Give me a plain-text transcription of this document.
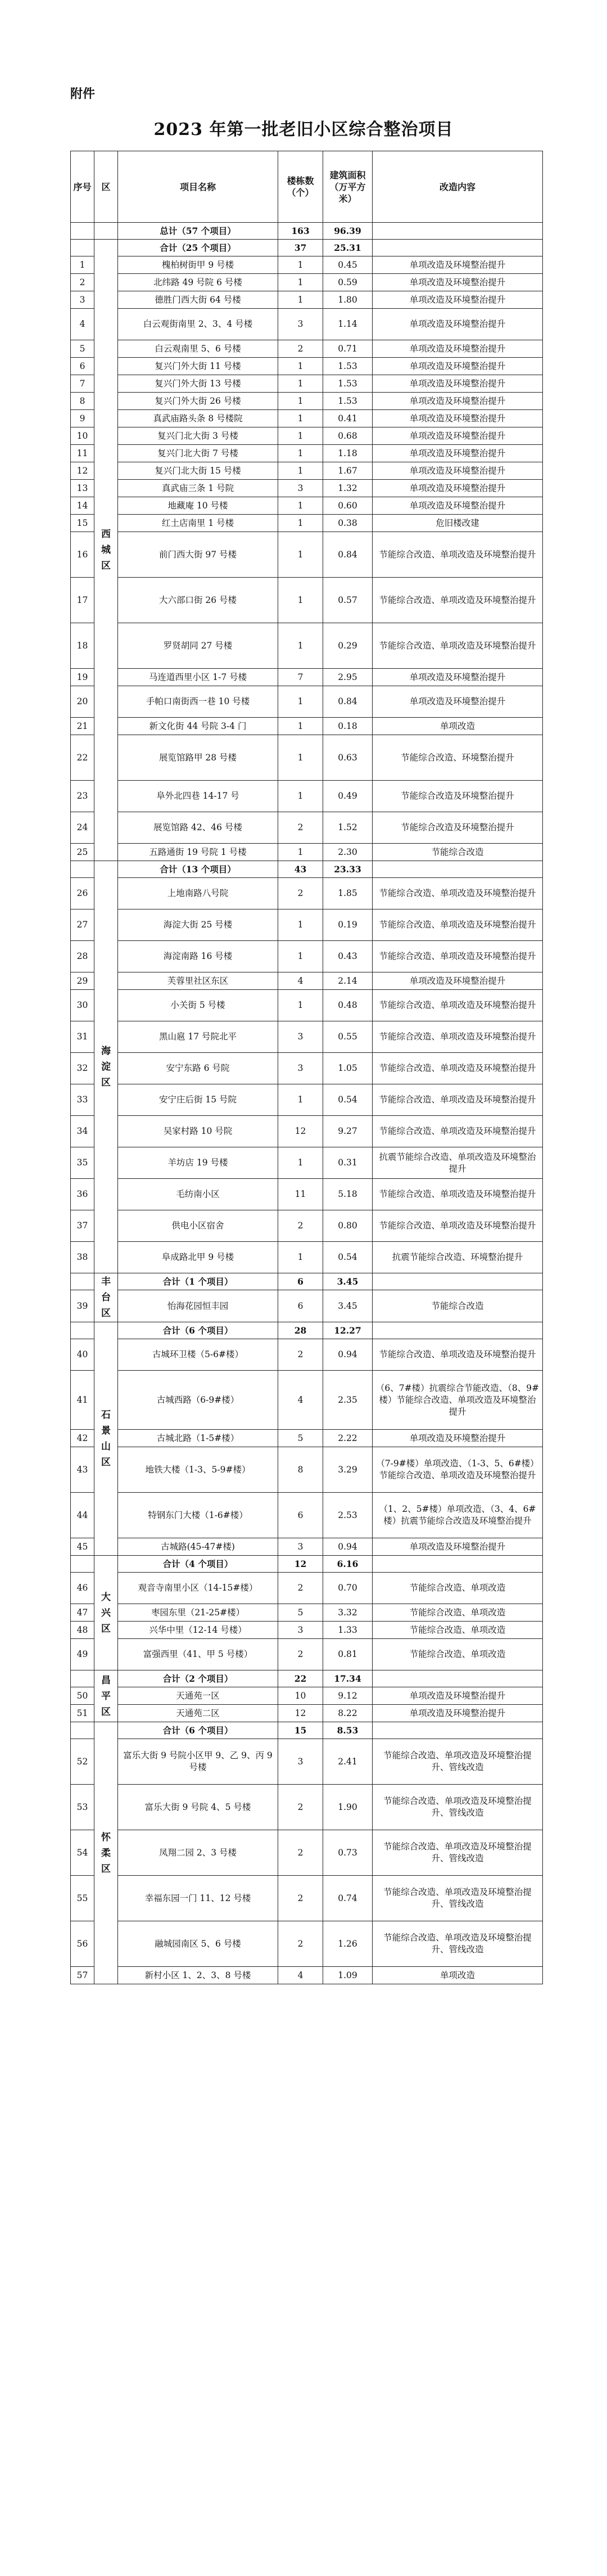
附件
2023 年第一批老旧小区综合整治项目
序号	区	项目名称	楼栋数（个）	建筑面积（万平方米）	改造内容
		总计（57 个项目）	163	96.39	
	西城区	合计（25 个项目）	37	25.31	
1		槐柏树街甲 9 号楼	1	0.45	单项改造及环境整治提升
2		北纬路 49 号院 6 号楼	1	0.59	单项改造及环境整治提升
3		德胜门西大街 64 号楼	1	1.80	单项改造及环境整治提升
4		白云观街南里 2、3、4 号楼	3	1.14	单项改造及环境整治提升
5		白云观南里 5、6 号楼	2	0.71	单项改造及环境整治提升
6		复兴门外大街 11 号楼	1	1.53	单项改造及环境整治提升
7		复兴门外大街 13 号楼	1	1.53	单项改造及环境整治提升
8		复兴门外大街 26 号楼	1	1.53	单项改造及环境整治提升
9		真武庙路头条 8 号楼院	1	0.41	单项改造及环境整治提升
10		复兴门北大街 3 号楼	1	0.68	单项改造及环境整治提升
11		复兴门北大街 7 号楼	1	1.18	单项改造及环境整治提升
12		复兴门北大街 15 号楼	1	1.67	单项改造及环境整治提升
13		真武庙三条 1 号院	3	1.32	单项改造及环境整治提升
14		地藏庵 10 号楼	1	0.60	单项改造及环境整治提升
15		红土店南里 1 号楼	1	0.38	危旧楼改建
16		前门西大街 97 号楼	1	0.84	节能综合改造、单项改造及环境整治提升
17		大六部口街 26 号楼	1	0.57	节能综合改造、单项改造及环境整治提升
18		罗贤胡同 27 号楼	1	0.29	节能综合改造、单项改造及环境整治提升
19		马连道西里小区 1-7 号楼	7	2.95	单项改造及环境整治提升
20		手帕口南街西一巷 10 号楼	1	0.84	单项改造及环境整治提升
21		新文化街 44 号院 3-4 门	1	0.18	单项改造
22		展览馆路甲 28 号楼	1	0.63	节能综合改造、环境整治提升
23		阜外北四巷 14-17 号	1	0.49	节能综合改造及环境整治提升
24		展览馆路 42、46 号楼	2	1.52	节能综合改造及环境整治提升
25		五路通街 19 号院 1 号楼	1	2.30	节能综合改造
	海淀区	合计（13 个项目）	43	23.33	
26		上地南路八号院	2	1.85	节能综合改造、单项改造及环境整治提升
27		海淀大街 25 号楼	1	0.19	节能综合改造、单项改造及环境整治提升
28		海淀南路 16 号楼	1	0.43	节能综合改造、单项改造及环境整治提升
29		芙蓉里社区东区	4	2.14	单项改造及环境整治提升
30		小关街 5 号楼	1	0.48	节能综合改造、单项改造及环境整治提升
31		黑山扈 17 号院北平	3	0.55	节能综合改造、单项改造及环境整治提升
32		安宁东路 6 号院	3	1.05	节能综合改造、单项改造及环境整治提升
33		安宁庄后街 15 号院	1	0.54	节能综合改造、单项改造及环境整治提升
34		吴家村路 10 号院	12	9.27	节能综合改造、单项改造及环境整治提升
35		羊坊店 19 号楼	1	0.31	抗震节能综合改造、单项改造及环境整治提升
36		毛纺南小区	11	5.18	节能综合改造、单项改造及环境整治提升
37		供电小区宿舍	2	0.80	节能综合改造、单项改造及环境整治提升
38		阜成路北甲 9 号楼	1	0.54	抗震节能综合改造、环境整治提升
	丰台区	合计（1 个项目）	6	3.45	
39		怡海花园恒丰园	6	3.45	节能综合改造
	石景山区	合计（6 个项目）	28	12.27	
40		古城环卫楼（5-6#楼）	2	0.94	节能综合改造、单项改造及环境整治提升
41		古城西路（6-9#楼）	4	2.35	（6、7#楼）抗震综合节能改造、（8、9#楼）节能综合改造、单项改造及环境整治提升
42		古城北路（1-5#楼）	5	2.22	单项改造及环境整治提升
43		地铁大楼（1-3、5-9#楼）	8	3.29	（7-9#楼）单项改造、（1-3、5、6#楼）节能综合改造、单项改造及环境整治提升
44		特钢东门大楼（1-6#楼）	6	2.53	（1、2、5#楼）单项改造、（3、4、6#楼）抗震节能综合改造及环境整治提升
45		古城路(45-47#楼)	3	0.94	单项改造及环境整治提升
	大兴区	合计（4 个项目）	12	6.16	
46		观音寺南里小区（14-15#楼）	2	0.70	节能综合改造、单项改造
47		枣园东里（21-25#楼）	5	3.32	节能综合改造、单项改造
48		兴华中里（12-14 号楼）	3	1.33	节能综合改造、单项改造
49		富强西里（41、甲 5 号楼）	2	0.81	节能综合改造、单项改造
	昌平区	合计（2 个项目）	22	17.34	
50		天通苑一区	10	9.12	单项改造及环境整治提升
51		天通苑二区	12	8.22	单项改造及环境整治提升
	怀柔区	合计（6 个项目）	15	8.53	
52		富乐大街 9 号院小区甲 9、乙 9、丙 9 号楼	3	2.41	节能综合改造、单项改造及环境整治提升、管线改造
53		富乐大街 9 号院 4、5 号楼	2	1.90	节能综合改造、单项改造及环境整治提升、管线改造
54		凤翔二园 2、3 号楼	2	0.73	节能综合改造、单项改造及环境整治提升、管线改造
55		幸福东园一门 11、12 号楼	2	0.74	节能综合改造、单项改造及环境整治提升、管线改造
56		融城园南区 5、6 号楼	2	1.26	节能综合改造、单项改造及环境整治提升、管线改造
57		新村小区 1、2、3、8 号楼	4	1.09	单项改造
